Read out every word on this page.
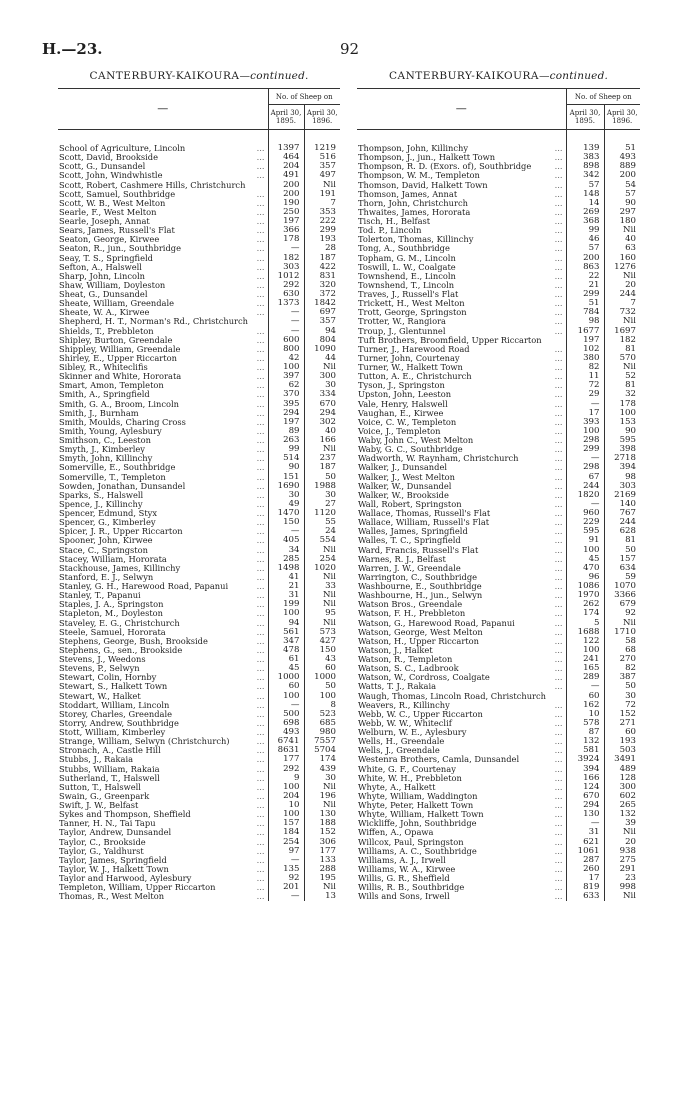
H.—23.	92
CANTERBURY-KAIKOURA—continued.
—	No. of Sheep on	
	April 30, 1895.	April 30, 1896.

...
School of Agriculture, Lincoln	1397	1219

...
Scott, David, Brookside	464	516

...
Scott, G., Dunsandel	204	357

...
Scott, John, Windwhistle	491	497

Scott, Robert, Cashmere Hills, Christchurch	200	Nil

...
Scott, Samuel, Southbridge	200	191

...
Scott, W. B., West Melton	190	7

...
Searle, F., West Melton	250	353

...
Searle, Joseph, Annat	197	222

...
Sears, James, Russell's Flat	366	299

...
Seaton, George, Kirwee	178	193

...
Seaton, R., jun., Southbridge	—	28

...
Seay, T. S., Springfield	182	187

...
Sefton, A., Halswell	303	422

...
Sharp, John, Lincoln	1012	831

...
Shaw, William, Doyleston	292	320

...
Sheat, G., Dunsandel	630	372

...
Sheate, William, Greendale	1373	1842

...
Sheate, W. A., Kirwee	—	697

Shepherd, H. T., Norman's Rd., Christchurch	—	357

...
Shields, T., Prebbleton	—	94

...
Shipley, Burton, Greendale	600	804

...
Shippley, William, Greendale	800	1090

...
Shirley, E., Upper Riccarton	42	44

...
Sibley, R., Whiteclifis	100	Nil

...
Skinner and White, Hororata	397	300

...
Smart, Amon, Templeton	62	30

...
Smith, A., Springfield	370	334

...
Smith, G. A., Broom, Lincoln	395	670

...
Smith, J., Burnham	294	294

...
Smith, Moulds, Charing Cross	197	302

...
Smith, Young, Aylesbury	89	40

...
Smithson, C., Leeston	263	166

...
Smyth, J., Kimberley	99	Nil

...
Smyth, John, Killinchy	514	237

...
Somerville, E., Southbridge	90	187

...
Somerville, T., Templeton	151	50

...
Sowden, Jonathan, Dunsandel	1690	1988

...
Sparks, S., Halswell	30	30

...
Spence, J., Killinchy	49	27

...
Spencer, Edmund, Styx	1470	1120

...
Spencer, G., Kimberley	150	55

...
Spicer, J. R., Upper Riccarton	—	24

...
Spooner, John, Kirwee	405	554

...
Stace, C., Springston	34	Nil

...
Stacey, William, Hororata	285	254

...
Stackhouse, James, Killinchy	1498	1020

...
Stanford, E. J., Selwyn	41	Nil

...
Stanley, G. H., Harewood Road, Papanui	21	33

...
Stanley, T., Papanui	31	Nil

...
Staples, J. A., Springston	199	Nil

...
Stapleton, M., Doyleston	100	95

...
Staveley, E. G., Christchurch	94	Nil

...
Steele, Samuel, Hororata	561	573

...
Stephens, George, Bush, Brookside	347	427

...
Stephens, G., sen., Brookside	478	150

...
Stevens, J., Weedons	61	43

...
Stevens, P., Selwyn	45	60

...
Stewart, Colin, Hornby	1000	1000

...
Stewart, S., Halkett Town	60	50

...
Stewart, W., Halket	100	100

...
Stoddart, William, Lincoln	—	8

...
Storey, Charles, Greendale	500	523

...
Storry, Andrew, Southbridge	698	685

...
Stott, William, Kimberley	493	980

...
Strange, William, Selwyn (Christchurch)	6741	7557

...
Stronach, A., Castle Hill	8631	5704

...
Stubbs, J., Rakaia	177	174

...
Stubbs, William, Rakaia	292	439

...
Sutherland, T., Halswell	9	30

...
Sutton, T., Halswell	100	Nil

...
Swain, G., Greenpark	204	196

...
Swift, J. W., Belfast	10	Nil

...
Sykes and Thompson, Sheffield	100	130

...
Tanner, H. N., Tai Tapu	157	188

...
Taylor, Andrew, Dunsandel	184	152

...
Taylor, C., Brookside	254	306

...
Taylor, G., Yaldhurst	97	177

...
Taylor, James, Springfield	—	133

...
Taylor, W. J., Halkett Town	135	288

...
Taylor and Harwood, Aylesbury	92	195

...
Templeton, William, Upper Riccarton	201	Nil

...
Thomas, R., West Melton	—	13
CANTERBURY-KAIKOURA—continued.
—	No. of Sheep on	
	April 30, 1895.	April 30, 1896.

...
Thompson, John, Killinchy	139	51

...
Thompson, J., jun., Halkett Town	383	493

...
Thompson, R. D. (Exors. of), Southbridge	898	889

...
Thompson, W. M., Templeton	342	200

...
Thomson, David, Halkett Town	57	54

...
Thomson, James, Annat	148	57

...
Thorn, John, Christchurch	14	90

...
Thwaites, James, Hororata	269	297

...
Tisch, H., Belfast	368	180

...
Tod. P., Lincoln	99	Nil

...
Tolerton, Thomas, Killinchy	46	40

...
Tong, A., Southbridge	57	63

...
Topham, G. M., Lincoln	200	160

...
Toswill, L. W., Coalgate	863	1276

...
Townshend, E., Lincoln	22	Nil

...
Townshend, T., Lincoln	21	20

...
Traves, J., Russell's Flat	299	244

...
Trickett, H., West Melton	51	7

...
Trott, George, Springston	784	732

...
Trotter, W., Rangiora	98	Nil

...
Troup, J., Glentunnel	1677	1697

Tuft Brothers, Broomfield, Upper Riccarton	197	182

...
Turner, J., Harewood Road	102	81

...
Turner, John, Courtenay	380	570

...
Turner, W., Halkett Town	82	Nil

...
Tutton, A. E., Christchurch	11	52

...
Tyson, J., Springston	72	81

...
Upston, John, Leeston	29	32

...
Vale, Henry, Halswell	—	178

...
Vaughan, E., Kirwee	17	100

...
Voice, C. W., Templeton	393	153

...
Voice, J., Templeton	100	90

...
Waby, John C., West Melton	298	595

...
Waby, G. C., Southbridge	299	398

...
Wadworth, W. Raynham, Christchurch	—	2718

...
Walker, J., Dunsandel	298	394

...
Walker, J., West Melton	67	98

...
Walker, W., Dunsandel	244	303

...
Walker, W., Brookside	1820	2169

...
Wall, Robert, Springston	—	140

...
Wallace, Thomas, Russell's Flat	960	767

...
Wallace, William, Russell's Flat	229	244

...
Walles, James, Springfield	595	628

...
Walles, T. C., Springfield	91	81

...
Ward, Francis, Russell's Flat	100	50

...
Warnes, R. J., Belfast	45	157

...
Warren, J. W., Greendale	470	634

...
Warrington, C., Southbridge	96	59

...
Washbourne, E., Southbridge	1086	1070

...
Washbourne, H., jun., Selwyn	1970	3366

...
Watson Bros., Greendale	262	679

...
Watson, F. H., Prebbleton	174	92

...
Watson, G., Harewood Road, Papanui	5	Nil

...
Watson, George, West Melton	1688	1710

...
Watson, H., Upper Riccarton	122	58

...
Watson, J., Halket	100	68

...
Watson, R., Templeton	241	270

...
Watson, S. C., Ladbrook	165	82

...
Watson, W., Cordross, Coalgate	289	387

...
Watts, T. J., Rakaia	—	50

Waugh, Thomas, Lincoln Road, Christchurch	60	30

...
Weavers, R., Killinchy	162	72

...
Webb, W. C., Upper Riccarton	10	152

...
Webb, W. W., Whiteclif	578	271

...
Welburn, W. E., Aylesbury	87	60

...
Wells, H., Greendale	132	193

...
Wells, J., Greendale	581	503

...
Westenra Brothers, Camla, Dunsandel	3924	3491

...
White, G. F., Courtenay	394	489

...
White, W. H., Prebbleton	166	128

...
Whyte, A., Halkett	124	300

...
Whyte, William, Waddington	670	602

...
Whyte, Peter, Halkett Town	294	265

...
Whyte, William, Halkett Town	130	132

...
Wickliffe, John, Southbridge	—	39

...
Wiffen, A., Opawa	31	Nil

...
Willcox, Paul, Springston	621	20

...
Williams, A. C., Southbridge	1061	938

...
Williams, A. J., Irwell	287	275

...
Williams, W. A., Kirwee	260	291

...
Willis, G. R., Sheffield	17	23

...
Willis, R. B., Southbridge	819	998

...
Wills and Sons, Irwell	633	Nil
